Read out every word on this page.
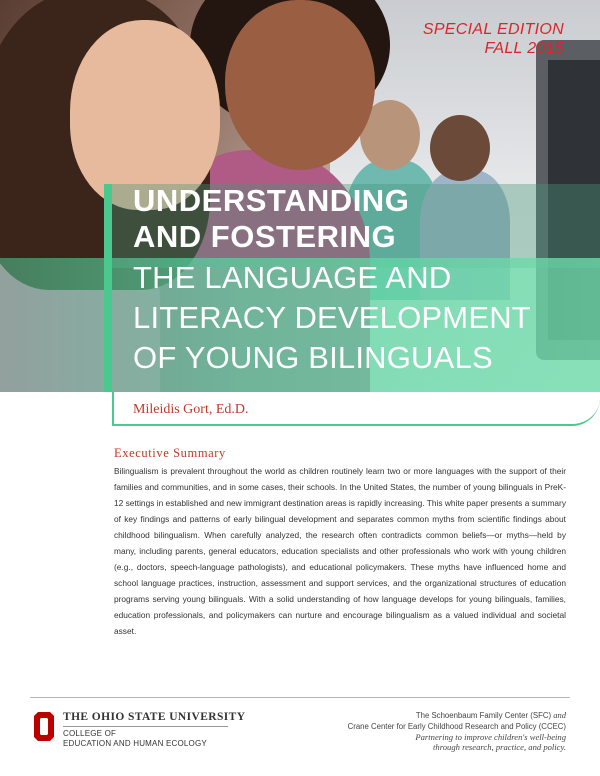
SPECIAL EDITION
FALL 2015
UNDERSTANDING
AND FOSTERING
THE LANGUAGE AND
LITERACY DEVELOPMENT
OF YOUNG BILINGUALS
Mileidis Gort, Ed.D.
Executive Summary
Bilingualism is prevalent throughout the world as children routinely learn two or more languages with the support of their families and communities, and in some cases, their schools. In the United States, the number of young bilinguals in PreK-12 settings in established and new immigrant destination areas is rapidly increasing. This white paper presents a summary of key findings and patterns of early bilingual development and separates common myths from scientific findings about childhood bilingualism. When carefully analyzed, the research often contradicts common beliefs—or myths—held by many, including parents, general educators, education specialists and other professionals who work with young children (e.g., doctors, speech-language pathologists), and educational policymakers. These myths have influenced home and school language practices, instruction, assessment and support services, and the organizational structures of education programs serving young bilinguals. With a solid understanding of how language develops for young bilinguals, families, education professionals, and policymakers can nurture and encourage bilingualism as a valued individual and societal asset.
THE OHIO STATE UNIVERSITY
COLLEGE OF
EDUCATION AND HUMAN ECOLOGY
The Schoenbaum Family Center (SFC) and
Crane Center for Early Childhood Research and Policy (CCEC)
Partnering to improve children's well-being
through research, practice, and policy.
